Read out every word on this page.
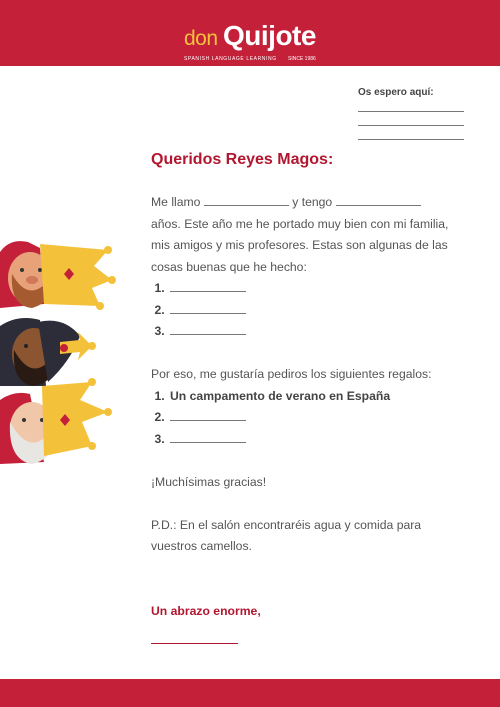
don Quijote
SPANISH LANGUAGE LEARNING SINCE 1986
Os espero aquí:
Queridos Reyes Magos:

Me llamo	y tengo  años. Este año me he portado muy bien con mi familia, mis amigos y mis profesores. Estas son algunas de las cosas buenas que he hecho:

1.
2.
3.

Por eso, me gustaría pediros los siguientes regalos:

1. Un campamento de verano en España
2.
3.

¡Muchísimas gracias!

P.D.: En el salón encontraréis agua y comida para vuestros camellos.

Un abrazo enorme,
